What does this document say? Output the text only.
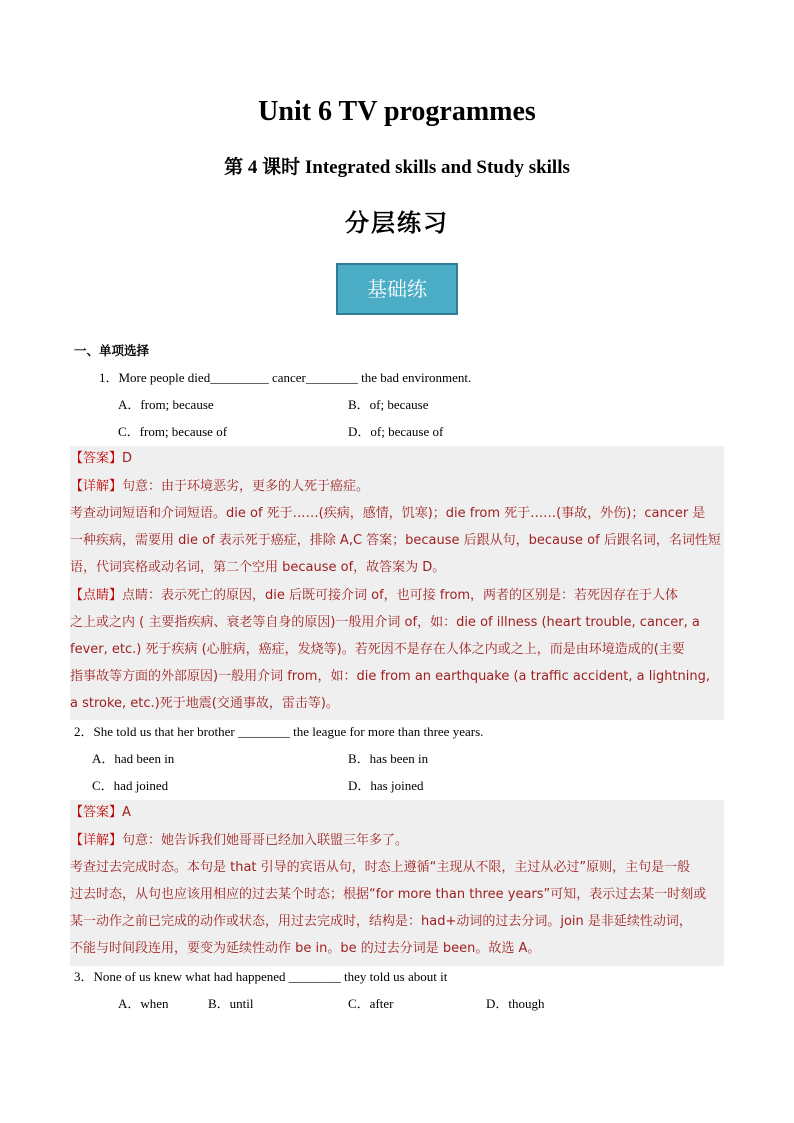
Unit 6 TV programmes
第 4 课时 Integrated skills and Study skills
分层练习
基础练
一、单项选择
1．More people died_________ cancer________ the bad environment.
A．from; because	B．of; because
C．from; because of	D．of; because of
【答案】D
【详解】句意：由于环境恶劣，更多的人死于癌症。
考查动词短语和介词短语。die of 死于……(疾病，感情，饥寒)；die from 死于……(事故，外伤)；cancer 是
一种疾病，需要用 die of 表示死于癌症，排除 A,C 答案；because 后跟从句，because of 后跟名词，名词性短
语，代词宾格或动名词，第二个空用 because of，故答案为 D。
【点睛】点睛：表示死亡的原因，die 后既可接介词 of，也可接 from，两者的区别是：若死因存在于人体
之上或之内 ( 主要指疾病、衰老等自身的原因)一般用介词 of，如：die of illness (heart trouble, cancer, a
fever, etc.) 死于疾病 (心脏病，癌症，发烧等)。若死因不是存在人体之内或之上，而是由环境造成的(主要
指事故等方面的外部原因)一般用介词 from，如：die from an earthquake (a traffic accident, a lightning,
a stroke, etc.)死于地震(交通事故，雷击等)。
2．She told us that her brother ________ the league for more than three years.
A．had been in	B．has been in
C．had joined	D．has joined
【答案】A
【详解】句意：她告诉我们她哥哥已经加入联盟三年多了。
考查过去完成时态。本句是 that 引导的宾语从句，时态上遵循“主现从不限，主过从必过”原则，主句是一般
过去时态，从句也应该用相应的过去某个时态；根据“for more than three years”可知，表示过去某一时刻或
某一动作之前已完成的动作或状态，用过去完成时，结构是：had+动词的过去分词。join 是非延续性动词，
不能与时间段连用，要变为延续性动作 be in。be 的过去分词是 been。故选 A。
3．None of us knew what had happened ________ they told us about it
A．when	B．until	C．after	D．though
